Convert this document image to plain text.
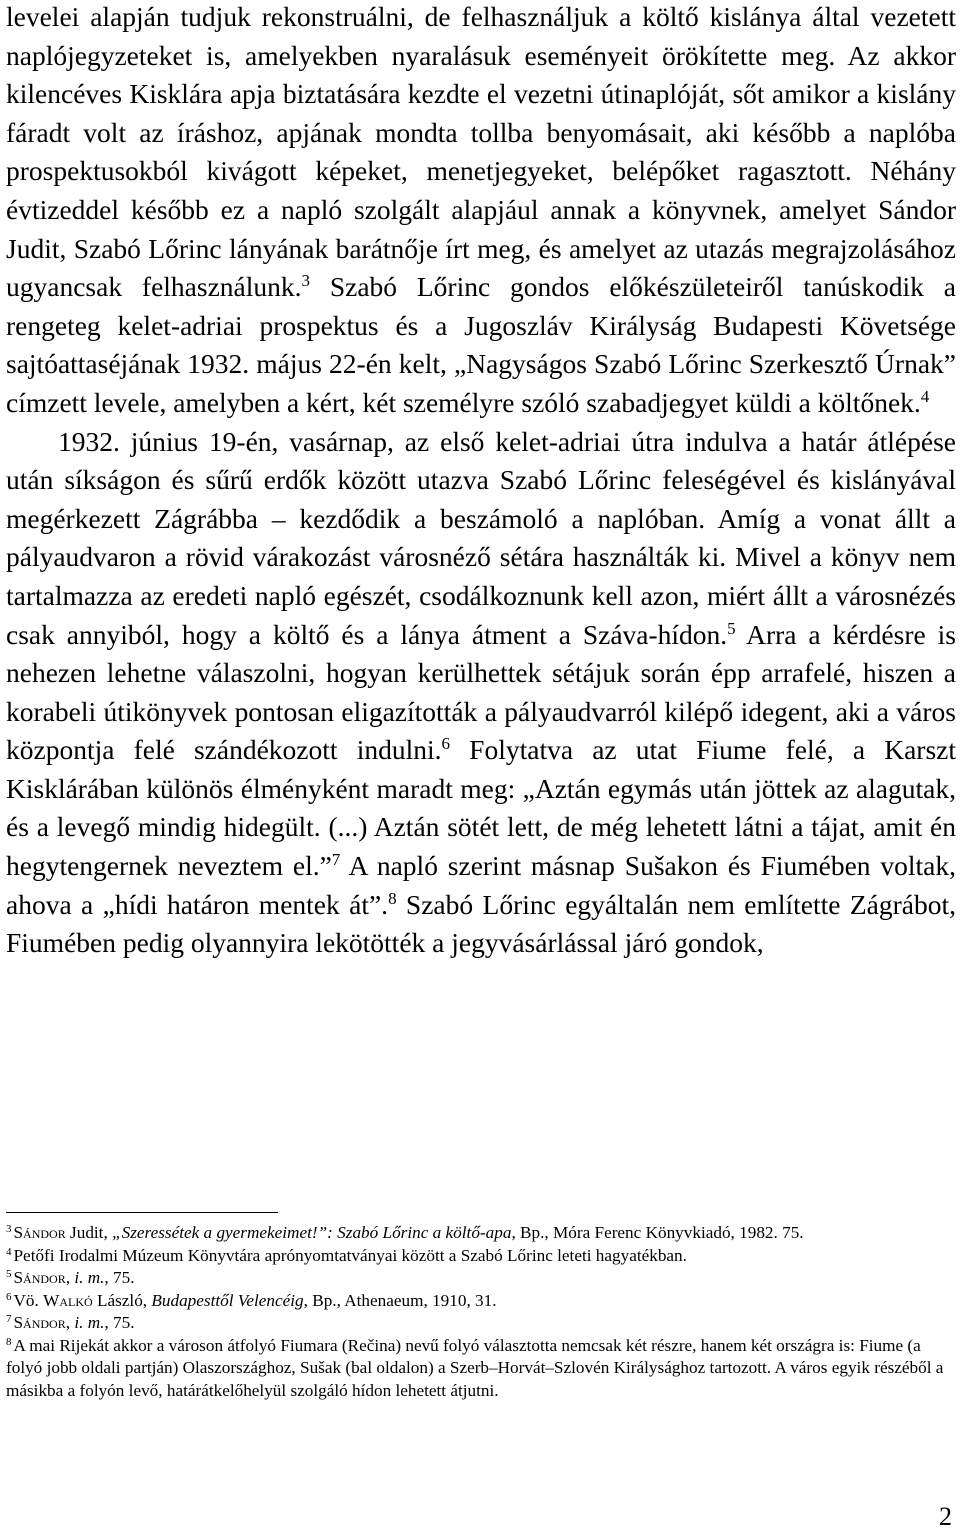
levelei alapján tudjuk rekonstruálni, de felhasználjuk a költő kislánya által vezetett naplójegyzeteket is, amelyekben nyaralásuk eseményeit örökítette meg. Az akkor kilencéves Kisklára apja biztatására kezdte el vezetni útinaplóját, sőt amikor a kislány fáradt volt az íráshoz, apjának mondta tollba benyomásait, aki később a naplóba prospektusokból kivágott képeket, menetjegyeket, belépőket ragasztott. Néhány évtizeddel később ez a napló szolgált alapjául annak a könyvnek, amelyet Sándor Judit, Szabó Lőrinc lányának barátnője írt meg, és amelyet az utazás megrajzolásához ugyancsak felhasználunk.$^3$ Szabó Lőrinc gondos előkészületeiről tanúskodik a rengeteg kelet-adriai prospektus és a Jugoszláv Királyság Budapesti Követsége sajtóattaséjának 1932. május 22-én kelt, „Nagyságos Szabó Lőrinc Szerkesztő Úrnak” címzett levele, amelyben a kért, két személyre szóló szabadjegyet küldi a költőnek.$^4$

1932. június 19-én, vasárnap, az első kelet-adriai útra indulva a határ átlépése után síkságon és sűrű erdők között utazva Szabó Lőrinc feleségével és kislányával megérkezett Zágrábba – kezdődik a beszámoló a naplóban. Amíg a vonat állt a pályaudvaron a rövid várakozást városnéző sétára használták ki. Mivel a könyv nem tartalmazza az eredeti napló egészét, csodálkoznunk kell azon, miért állt a városnézés csak annyiból, hogy a költő és a lánya átment a Száva-hídon.$^5$ Arra a kérdésre is nehezen lehetne válaszolni, hogyan kerülhettek sétájuk során épp arrafelé, hiszen a korabeli útikönyvek pontosan eligazították a pályaudvarról kilépő idegent, aki a város központja felé szándékozott indulni.$^6$ Folytatva az utat Fiume felé, a Karszt Kisklárában különös élményként maradt meg: „Aztán egymás után jöttek az alagutak, és a levegő mindig hidegült. (...) Aztán sötét lett, de még lehetett látni a tájat, amit én hegytengernek neveztem el.”$^7$ A napló szerint másnap Sušakon és Fiumében voltak, ahova a „hídi határon mentek át”.$^8$ Szabó Lőrinc egyáltalán nem említette Zágrábot, Fiumében pedig olyannyira lekötötték a jegyvásárlással járó gondok,

$^3$ Sándor Judit, „Szeressétek a gyermekeimet!”: Szabó Lőrinc a költő-apa, Bp., Móra Ferenc Könyvkiadó, 1982. 75.

$^4$ Petőfi Irodalmi Múzeum Könyvtára aprónyomtatványai között a Szabó Lőrinc leteti hagyatékban.

$^5$ Sándor, i. m., 75.

$^6$ Vö. Walkó László, Budapesttől Velencéig, Bp., Athenaeum, 1910, 31.

$^7$ Sándor, i. m., 75.

$^8$ A mai Rijekát akkor a városon átfolyó Fiumara (Rečina) nevű folyó választotta nemcsak két részre, hanem két országra is: Fiume (a folyó jobb oldali partján) Olaszországhoz, Sušak (bal oldalon) a Szerb–Horvát–Szlovén Királysághoz tartozott. A város egyik részéből a másikba a folyón levő, határátkelőhelyül szolgáló hídon lehetett átjutni.

2
